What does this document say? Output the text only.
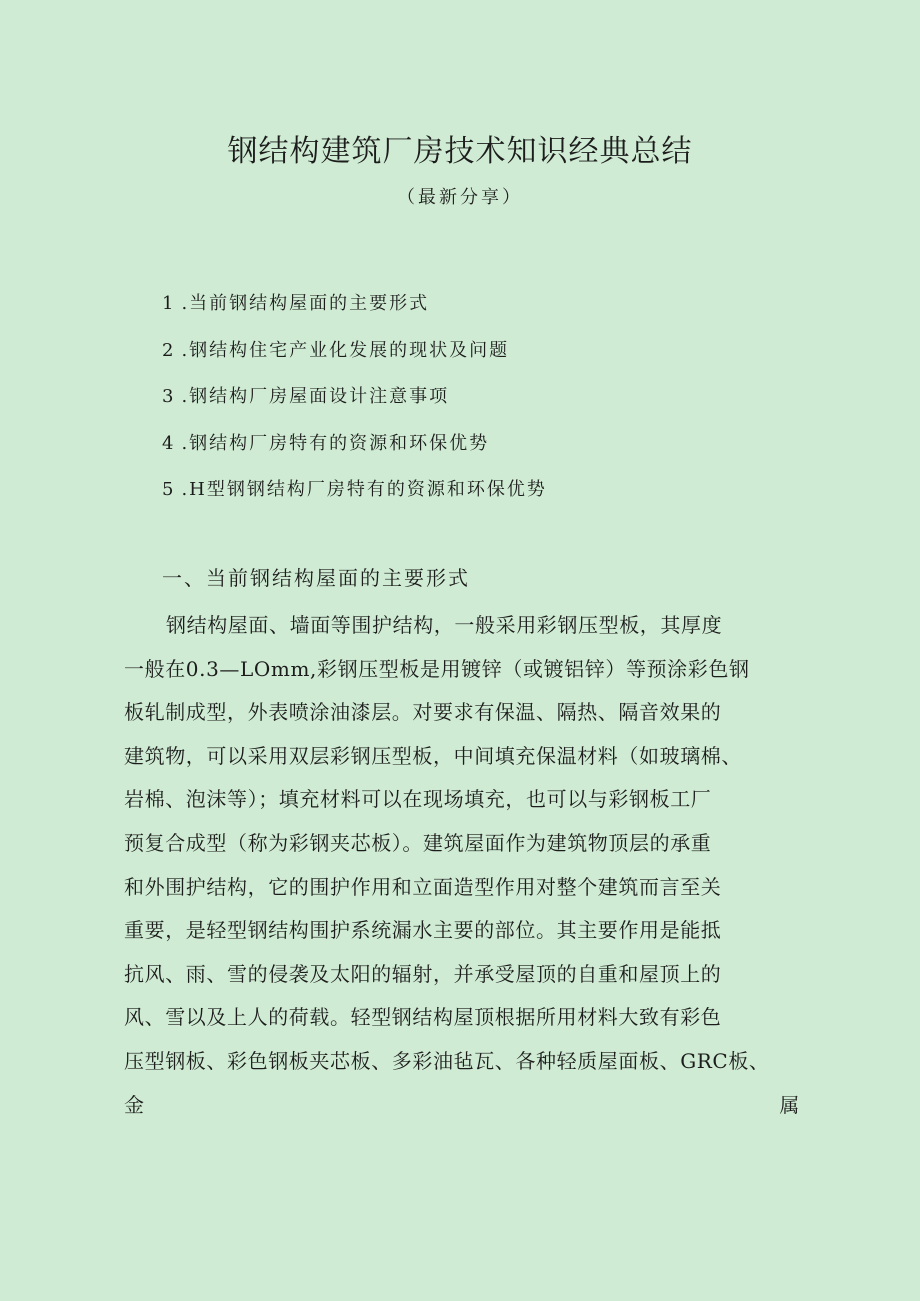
钢结构建筑厂房技术知识经典总结

（最新分享）

1 .当前钢结构屋面的主要形式
2 .钢结构住宅产业化发展的现状及问题
3 .钢结构厂房屋面设计注意事项
4 .钢结构厂房特有的资源和环保优势
5 .H型钢钢结构厂房特有的资源和环保优势
一、当前钢结构屋面的主要形式
钢结构屋面、墙面等围护结构，一般采用彩钢压型板，其厚度
一般在0.3—LOmm,彩钢压型板是用镀锌（或镀铝锌）等预涂彩色钢
板轧制成型，外表喷涂油漆层。对要求有保温、隔热、隔音效果的
建筑物，可以采用双层彩钢压型板，中间填充保温材料（如玻璃棉、
岩棉、泡沫等）；填充材料可以在现场填充，也可以与彩钢板工厂
预复合成型（称为彩钢夹芯板）。建筑屋面作为建筑物顶层的承重
和外围护结构，它的围护作用和立面造型作用对整个建筑而言至关
重要，是轻型钢结构围护系统漏水主要的部位。其主要作用是能抵
抗风、雨、雪的侵袭及太阳的辐射，并承受屋顶的自重和屋顶上的
风、雪以及上人的荷载。轻型钢结构屋顶根据所用材料大致有彩色
压型钢板、彩色钢板夹芯板、多彩油毡瓦、各种轻质屋面板、GRC板、
金	属
